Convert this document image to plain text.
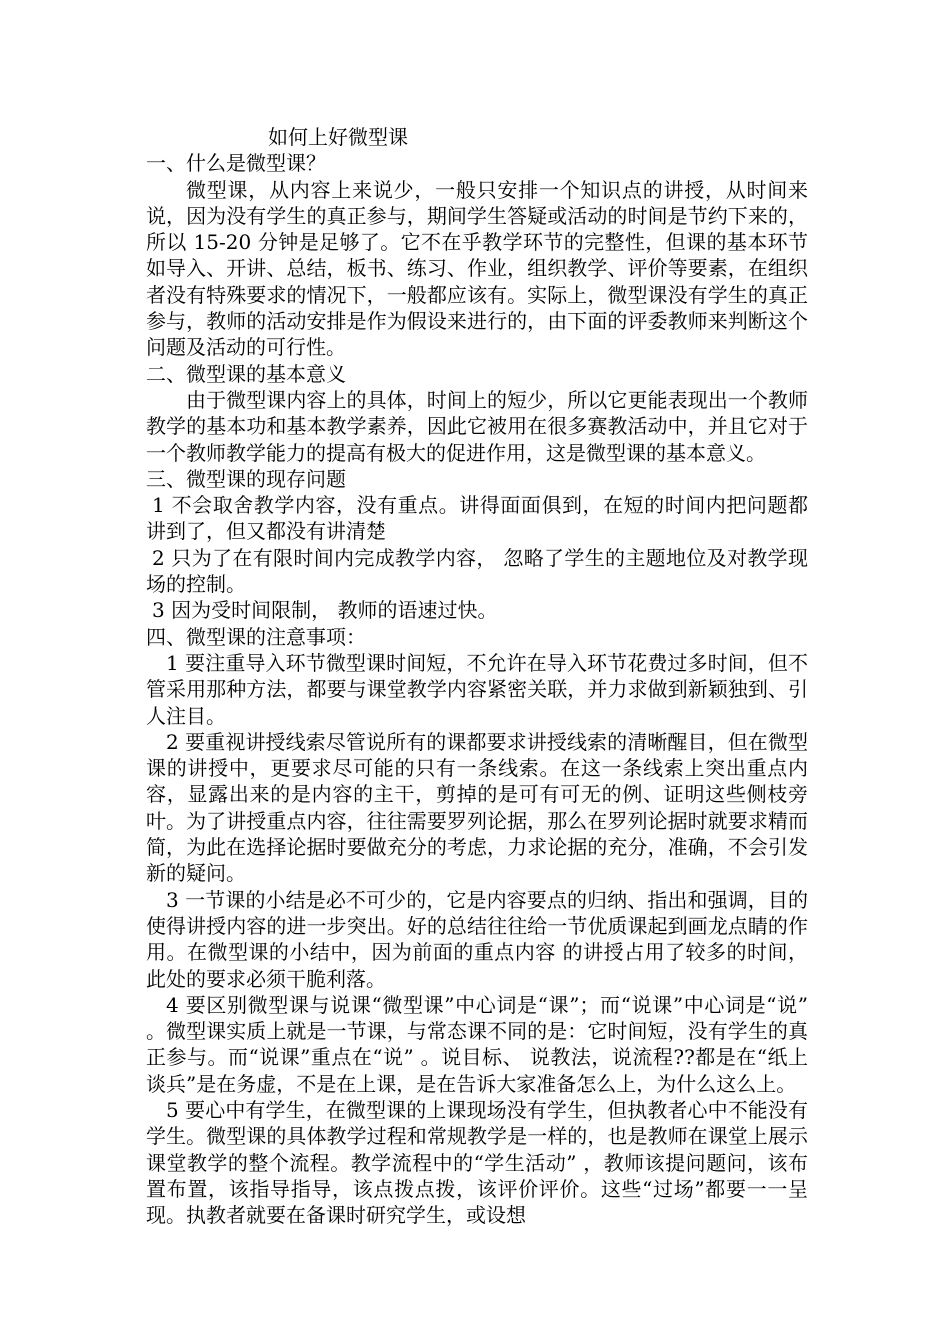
如何上好微型课
一、什么是微型课？

微型课，从内容上来说少，一般只安排一个知识点的讲授，从时间来说，因为没有学生的真正参与，期间学生答疑或活动的时间是节约下来的，所以 15-20 分钟是足够了。它不在乎教学环节的完整性，但课的基本环节如导入、开讲、总结，板书、练习、作业，组织教学、评价等要素，在组织者没有特殊要求的情况下，一般都应该有。实际上，微型课没有学生的真正参与，教师的活动安排是作为假设来进行的，由下面的评委教师来判断这个问题及活动的可行性。

二、微型课的基本意义

由于微型课内容上的具体，时间上的短少，所以它更能表现出一个教师教学的基本功和基本教学素养，因此它被用在很多赛教活动中，并且它对于一个教师教学能力的提高有极大的促进作用，这是微型课的基本意义。

三、微型课的现存问题

1 不会取舍教学内容，没有重点。讲得面面俱到，在短的时间内把问题都讲到了，但又都没有讲清楚

2 只为了在有限时间内完成教学内容， 忽略了学生的主题地位及对教学现场的控制。

3 因为受时间限制， 教师的语速过快。

四、微型课的注意事项：

1 要注重导入环节微型课时间短，不允许在导入环节花费过多时间，但不管采用那种方法，都要与课堂教学内容紧密关联，并力求做到新颖独到、引人注目。

2 要重视讲授线索尽管说所有的课都要求讲授线索的清晰醒目，但在微型课的讲授中，更要求尽可能的只有一条线索。在这一条线索上突出重点内容，显露出来的是内容的主干，剪掉的是可有可无的例、证明这些侧枝旁叶。为了讲授重点内容，往往需要罗列论据，那么在罗列论据时就要求精而简，为此在选择论据时要做充分的考虑，力求论据的充分，准确，不会引发新的疑问。

3 一节课的小结是必不可少的，它是内容要点的归纳、指出和强调，目的使得讲授内容的进一步突出。好的总结往往给一节优质课起到画龙点睛的作用。在微型课的小结中，因为前面的重点内容 的讲授占用了较多的时间，此处的要求必须干脆利落。

4 要区别微型课与说课“微型课”中心词是“课”；而“说课”中心词是“说” 。微型课实质上就是一节课，与常态课不同的是：它时间短，没有学生的真正参与。而“说课”重点在“说” 。说目标、 说教法，说流程??都是在“纸上谈兵”是在务虚，不是在上课，是在告诉大家准备怎么上，为什么这么上。

5 要心中有学生，在微型课的上课现场没有学生，但执教者心中不能没有学生。微型课的具体教学过程和常规教学是一样的，也是教师在课堂上展示课堂教学的整个流程。教学流程中的“学生活动” ，教师该提问题问，该布置布置，该指导指导，该点拨点拨，该评价评价。这些“过场”都要一一呈现。执教者就要在备课时研究学生，或设想
